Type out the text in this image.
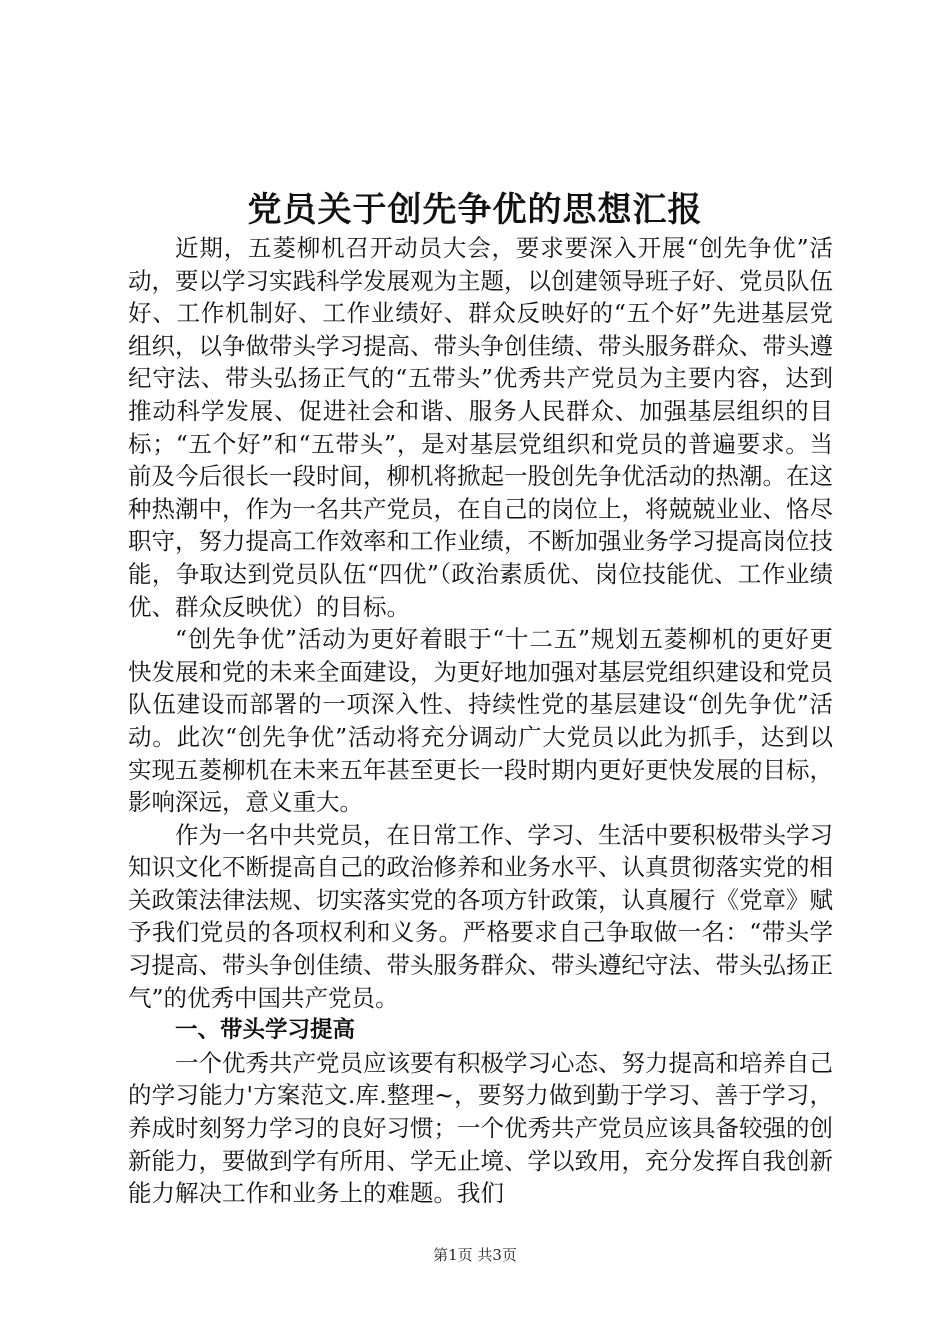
党员关于创先争优的思想汇报

近期，五菱柳机召开动员大会，要求要深入开展“创先争优”活动，要以学习实践科学发展观为主题，以创建领导班子好、党员队伍好、工作机制好、工作业绩好、群众反映好的“五个好”先进基层党组织，以争做带头学习提高、带头争创佳绩、带头服务群众、带头遵纪守法、带头弘扬正气的“五带头”优秀共产党员为主要内容，达到推动科学发展、促进社会和谐、服务人民群众、加强基层组织的目标；“五个好”和“五带头”，是对基层党组织和党员的普遍要求。当前及今后很长一段时间，柳机将掀起一股创先争优活动的热潮。在这种热潮中，作为一名共产党员，在自己的岗位上，将兢兢业业、恪尽职守，努力提高工作效率和工作业绩，不断加强业务学习提高岗位技能，争取达到党员队伍“四优”（政治素质优、岗位技能优、工作业绩优、群众反映优）的目标。

“创先争优”活动为更好着眼于“十二五”规划五菱柳机的更好更快发展和党的未来全面建设，为更好地加强对基层党组织建设和党员队伍建设而部署的一项深入性、持续性党的基层建设“创先争优”活动。此次“创先争优”活动将充分调动广大党员以此为抓手，达到以实现五菱柳机在未来五年甚至更长一段时期内更好更快发展的目标，影响深远，意义重大。

作为一名中共党员，在日常工作、学习、生活中要积极带头学习知识文化不断提高自己的政治修养和业务水平、认真贯彻落实党的相关政策法律法规、切实落实党的各项方针政策，认真履行《党章》赋予我们党员的各项权利和义务。严格要求自己争取做一名：“带头学习提高、带头争创佳绩、带头服务群众、带头遵纪守法、带头弘扬正气”的优秀中国共产党员。

一、带头学习提高

一个优秀共产党员应该要有积极学习心态、努力提高和培养自己的学习能力'方案范文.库.整理~，要努力做到勤于学习、善于学习，养成时刻努力学习的良好习惯；一个优秀共产党员应该具备较强的创新能力，要做到学有所用、学无止境、学以致用，充分发挥自我创新能力解决工作和业务上的难题。我们

第1页 共3页
